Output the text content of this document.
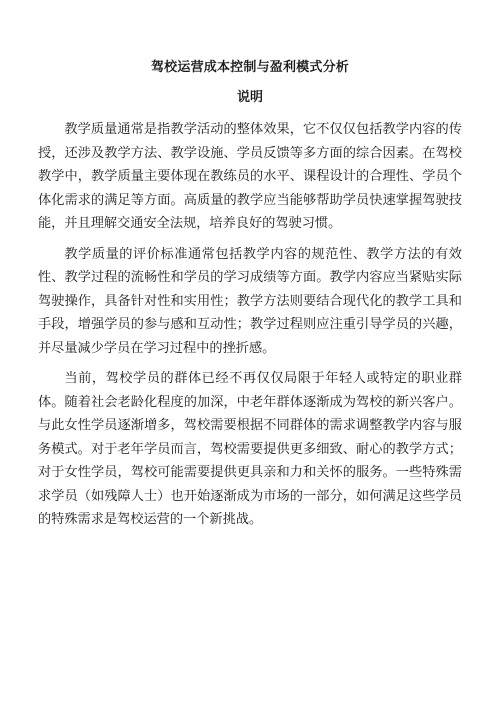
驾校运营成本控制与盈利模式分析
说明

教学质量通常是指教学活动的整体效果，它不仅仅包括教学内容的传授，还涉及教学方法、教学设施、学员反馈等多方面的综合因素。在驾校教学中，教学质量主要体现在教练员的水平、课程设计的合理性、学员个体化需求的满足等方面。高质量的教学应当能够帮助学员快速掌握驾驶技能，并且理解交通安全法规，培养良好的驾驶习惯。

教学质量的评价标准通常包括教学内容的规范性、教学方法的有效性、教学过程的流畅性和学员的学习成绩等方面。教学内容应当紧贴实际驾驶操作，具备针对性和实用性；教学方法则要结合现代化的教学工具和手段，增强学员的参与感和互动性；教学过程则应注重引导学员的兴趣，并尽量减少学员在学习过程中的挫折感。

当前，驾校学员的群体已经不再仅仅局限于年轻人或特定的职业群体。随着社会老龄化程度的加深，中老年群体逐渐成为驾校的新兴客户。与此女性学员逐渐增多，驾校需要根据不同群体的需求调整教学内容与服务模式。对于老年学员而言，驾校需要提供更多细致、耐心的教学方式；对于女性学员，驾校可能需要提供更具亲和力和关怀的服务。一些特殊需求学员（如残障人士）也开始逐渐成为市场的一部分，如何满足这些学员的特殊需求是驾校运营的一个新挑战。
